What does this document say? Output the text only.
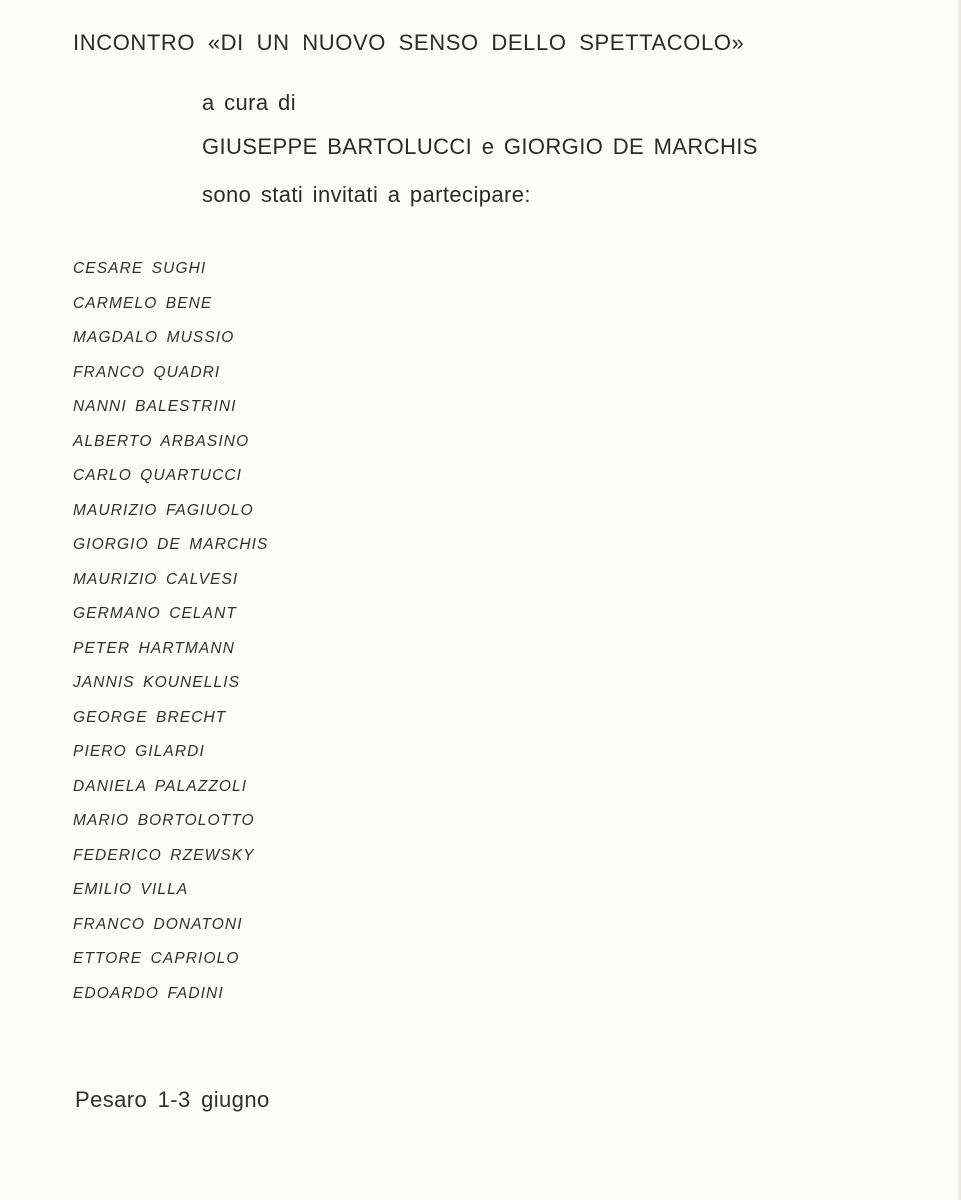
INCONTRO «DI UN NUOVO SENSO DELLO SPETTACOLO»
a cura di
GIUSEPPE BARTOLUCCI e GIORGIO DE MARCHIS
sono stati invitati a partecipare:
CESARE SUGHI
CARMELO BENE
MAGDALO MUSSIO
FRANCO QUADRI
NANNI BALESTRINI
ALBERTO ARBASINO
CARLO QUARTUCCI
MAURIZIO FAGIUOLO
GIORGIO DE MARCHIS
MAURIZIO CALVESI
GERMANO CELANT
PETER HARTMANN
JANNIS KOUNELLIS
GEORGE BRECHT
PIERO GILARDI
DANIELA PALAZZOLI
MARIO BORTOLOTTO
FEDERICO RZEWSKY
EMILIO VILLA
FRANCO DONATONI
ETTORE CAPRIOLO
EDOARDO FADINI
Pesaro 1-3 giugno
